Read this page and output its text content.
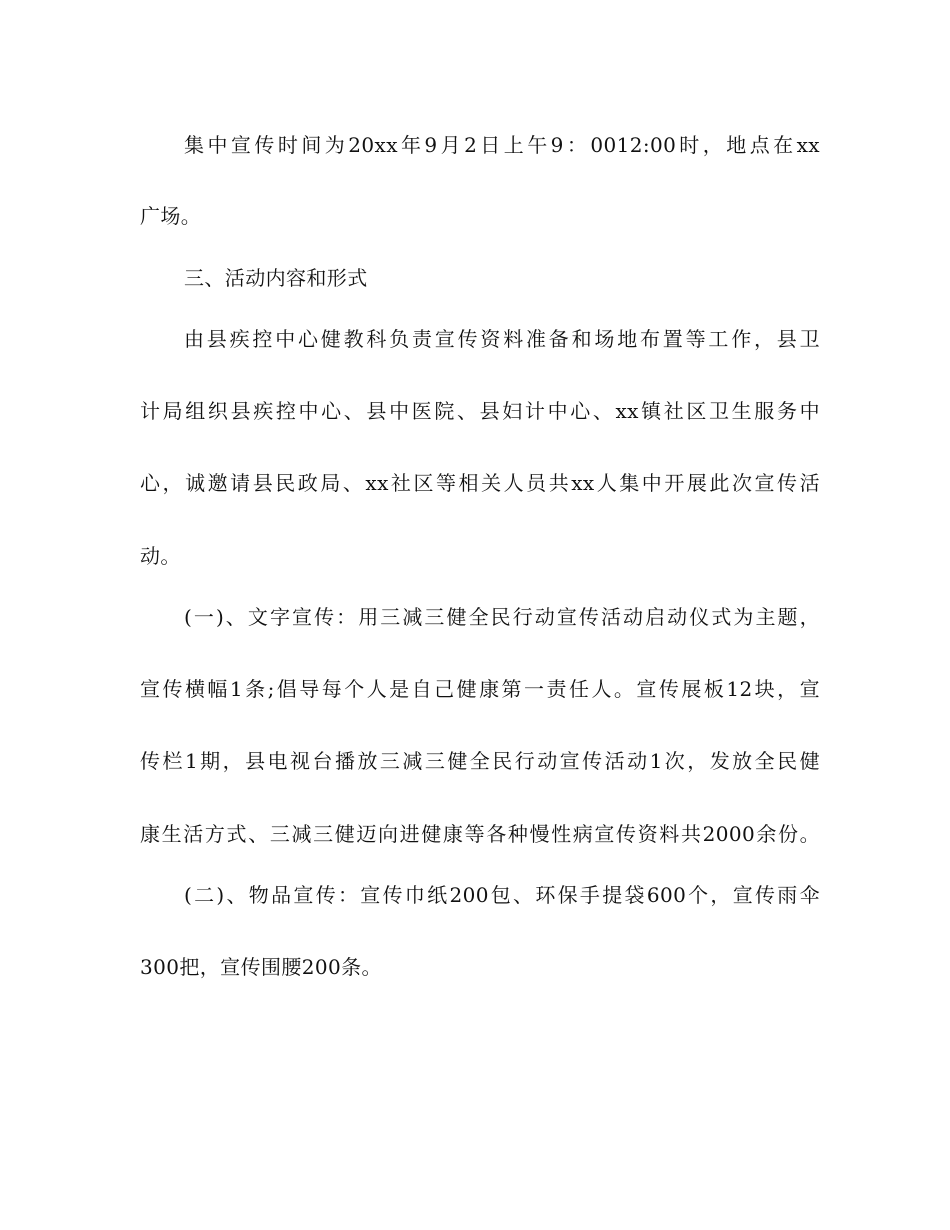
集中宣传时间为20xx年9月2日上午9：0012:00时，地点在xx
广场。
三、活动内容和形式
由县疾控中心健教科负责宣传资料准备和场地布置等工作，县卫
计局组织县疾控中心、县中医院、县妇计中心、xx镇社区卫生服务中
心，诚邀请县民政局、xx社区等相关人员共xx人集中开展此次宣传活
动。
(一)、文字宣传：用三减三健全民行动宣传活动启动仪式为主题，
宣传横幅1条;倡导每个人是自己健康第一责任人。宣传展板12块，宣
传栏1期，县电视台播放三减三健全民行动宣传活动1次，发放全民健
康生活方式、三减三健迈向进健康等各种慢性病宣传资料共2000余份。
(二)、物品宣传：宣传巾纸200包、环保手提袋600个，宣传雨伞
300把，宣传围腰200条。
